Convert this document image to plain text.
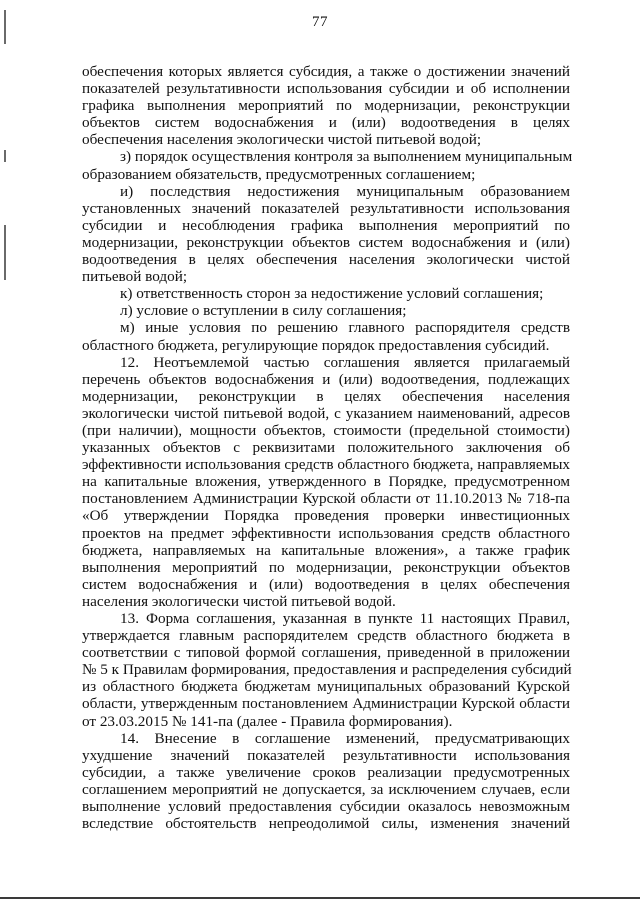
77
обеспечения которых является субсидия, а также о достижении значений
показателей результативности использования субсидии и об исполнении
графика выполнения мероприятий по модернизации, реконструкции
объектов систем водоснабжения и (или) водоотведения в целях
обеспечения населения экологически чистой питьевой водой;
з) порядок осуществления контроля за выполнением муниципальным
образованием обязательств, предусмотренных соглашением;
и) последствия недостижения муниципальным образованием
установленных значений показателей результативности использования
субсидии и несоблюдения графика выполнения мероприятий по
модернизации, реконструкции объектов систем водоснабжения и (или)
водоотведения в целях обеспечения населения экологически чистой
питьевой водой;
к) ответственность сторон за недостижение условий соглашения;
л) условие о вступлении в силу соглашения;
м) иные условия по решению главного распорядителя средств
областного бюджета, регулирующие порядок предоставления субсидий.
12. Неотъемлемой частью соглашения является прилагаемый
перечень объектов водоснабжения и (или) водоотведения, подлежащих
модернизации, реконструкции в целях обеспечения населения
экологически чистой питьевой водой, с указанием наименований, адресов
(при наличии), мощности объектов, стоимости (предельной стоимости)
указанных объектов с реквизитами положительного заключения об
эффективности использования средств областного бюджета, направляемых
на капитальные вложения, утвержденного в Порядке, предусмотренном
постановлением Администрации Курской области от 11.10.2013 № 718-па
«Об утверждении Порядка проведения проверки инвестиционных
проектов на предмет эффективности использования средств областного
бюджета, направляемых на капитальные вложения», а также график
выполнения мероприятий по модернизации, реконструкции объектов
систем водоснабжения и (или) водоотведения в целях обеспечения
населения экологически чистой питьевой водой.
13. Форма соглашения, указанная в пункте 11 настоящих Правил,
утверждается главным распорядителем средств областного бюджета в
соответствии с типовой формой соглашения, приведенной в приложении
№ 5 к Правилам формирования, предоставления и распределения субсидий
из областного бюджета бюджетам муниципальных образований Курской
области, утвержденным постановлением Администрации Курской области
от 23.03.2015 № 141-па (далее - Правила формирования).
14. Внесение в соглашение изменений, предусматривающих
ухудшение значений показателей результативности использования
субсидии, а также увеличение сроков реализации предусмотренных
соглашением мероприятий не допускается, за исключением случаев, если
выполнение условий предоставления субсидии оказалось невозможным
вследствие обстоятельств непреодолимой силы, изменения значений
